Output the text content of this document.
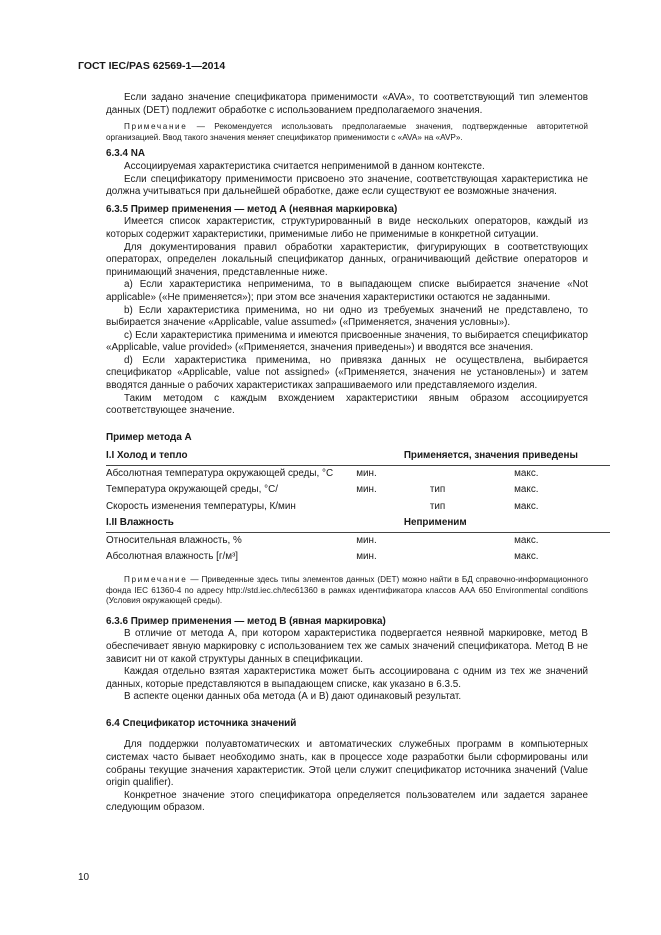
ГОСТ IEC/PAS 62569-1—2014

Если задано значение спецификатора применимости «AVA», то соответствующий тип элементов данных (DET) подлежит обработке с использованием предполагаемого значения.

Примечание — Рекомендуется использовать предполагаемые значения, подтвержденные авторитетной организацией. Ввод такого значения меняет спецификатор применимости с «AVA» на «AVP».

6.3.4 NA

Ассоциируемая характеристика считается неприменимой в данном контексте.

Если спецификатору применимости присвоено это значение, соответствующая характеристика не должна учитываться при дальнейшей обработке, даже если существуют ее возможные значения.

6.3.5 Пример применения — метод А (неявная маркировка)

Имеется список характеристик, структурированный в виде нескольких операторов, каждый из которых содержит характеристики, применимые либо не применимые в конкретной ситуации.

Для документирования правил обработки характеристик, фигурирующих в соответствующих операторах, определен локальный спецификатор данных, ограничивающий действие операторов и принимающий значения, представленные ниже.

a) Если характеристика неприменима, то в выпадающем списке выбирается значение «Not applicable» («Не применяется»); при этом все значения характеристики остаются не заданными.

b) Если характеристика применима, но ни одно из требуемых значений не представлено, то выбирается значение «Applicable, value assumed» («Применяется, значения условны»).

c) Если характеристика применима и имеются присвоенные значения, то выбирается спецификатор «Applicable, value provided» («Применяется, значения приведены») и вводятся все значения.

d) Если характеристика применима, но привязка данных не осуществлена, выбирается спецификатор «Applicable, value not assigned» («Применяется, значения не установлены») и затем вводятся данные о рабочих характеристиках запрашиваемого или представляемого изделия.

Таким методом с каждым вхождением характеристики явным образом ассоциируется соответствующее значение.

Пример метода А
I.I Холод и тепло		Применяется, значения приведены	
Абсолютная температура окружающей среды, °C	мин.		макс.
Температура окружающей среды, °C/	мин.	тип	макс.
Скорость изменения температуры, К/мин		тип	макс.
I.II Влажность		Неприменим	
Относительная влажность, %	мин.		макс.
Абсолютная влажность [г/м³]	мин.		макс.

Примечание — Приведенные здесь типы элементов данных (DET) можно найти в БД справочно-информационного фонда IEC 61360-4 по адресу http://std.iec.ch/tec61360 в рамках идентификатора классов ААА 650 Environmental conditions (Условия окружающей среды).

6.3.6 Пример применения — метод В (явная маркировка)

В отличие от метода А, при котором характеристика подвергается неявной маркировке, метод В обеспечивает явную маркировку с использованием тех же самых значений спецификатора. Метод В не зависит ни от какой структуры данных в спецификации.

Каждая отдельно взятая характеристика может быть ассоциирована с одним из тех же значений данных, которые представляются в выпадающем списке, как указано в 6.3.5.

В аспекте оценки данных оба метода (А и В) дают одинаковый результат.

6.4 Спецификатор источника значений

Для поддержки полуавтоматических и автоматических служебных программ в компьютерных системах часто бывает необходимо знать, как в процессе ходе разработки были сформированы или собраны текущие значения характеристик. Этой цели служит спецификатор источника значений (Value origin qualifier).

Конкретное значение этого спецификатора определяется пользователем или задается заранее следующим образом.

10
